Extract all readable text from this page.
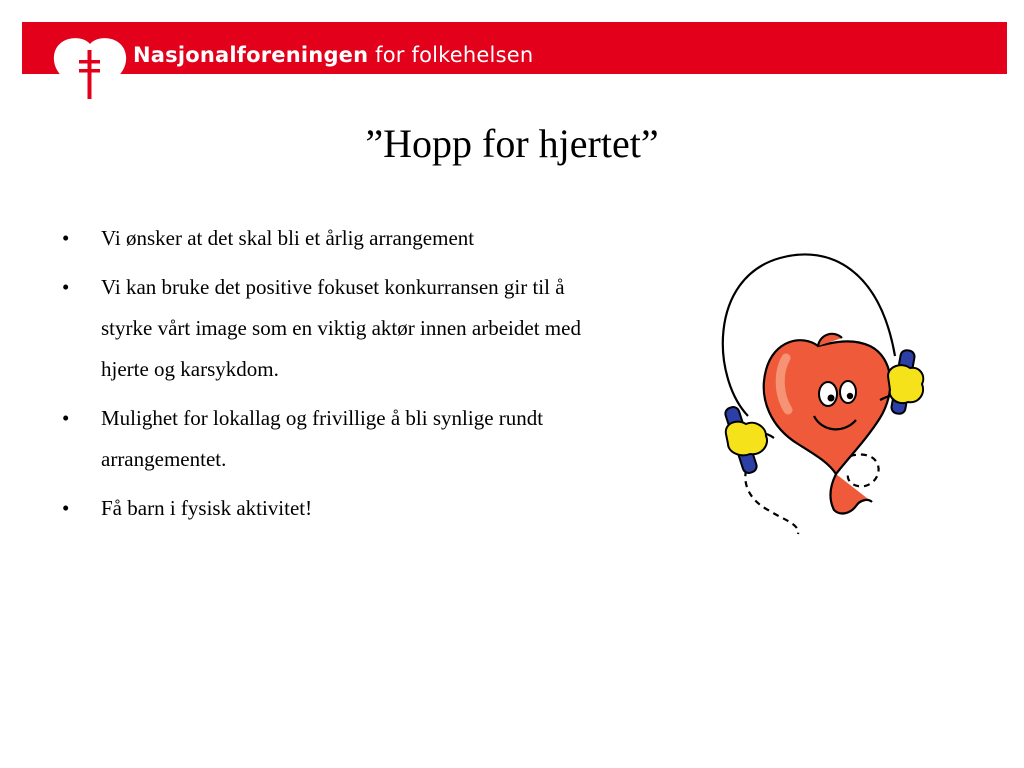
Nasjonalforeningen for folkehelsen
”Hopp for hjertet”
• Vi ønsker at det skal bli et årlig arrangement
• Vi kan bruke det positive fokuset konkurransen gir til å styrke vårt image som en viktig aktør innen arbeidet med hjerte og karsykdom.
• Mulighet for lokallag og frivillige å bli synlige rundt arrangementet.
• Få barn i fysisk aktivitet!
